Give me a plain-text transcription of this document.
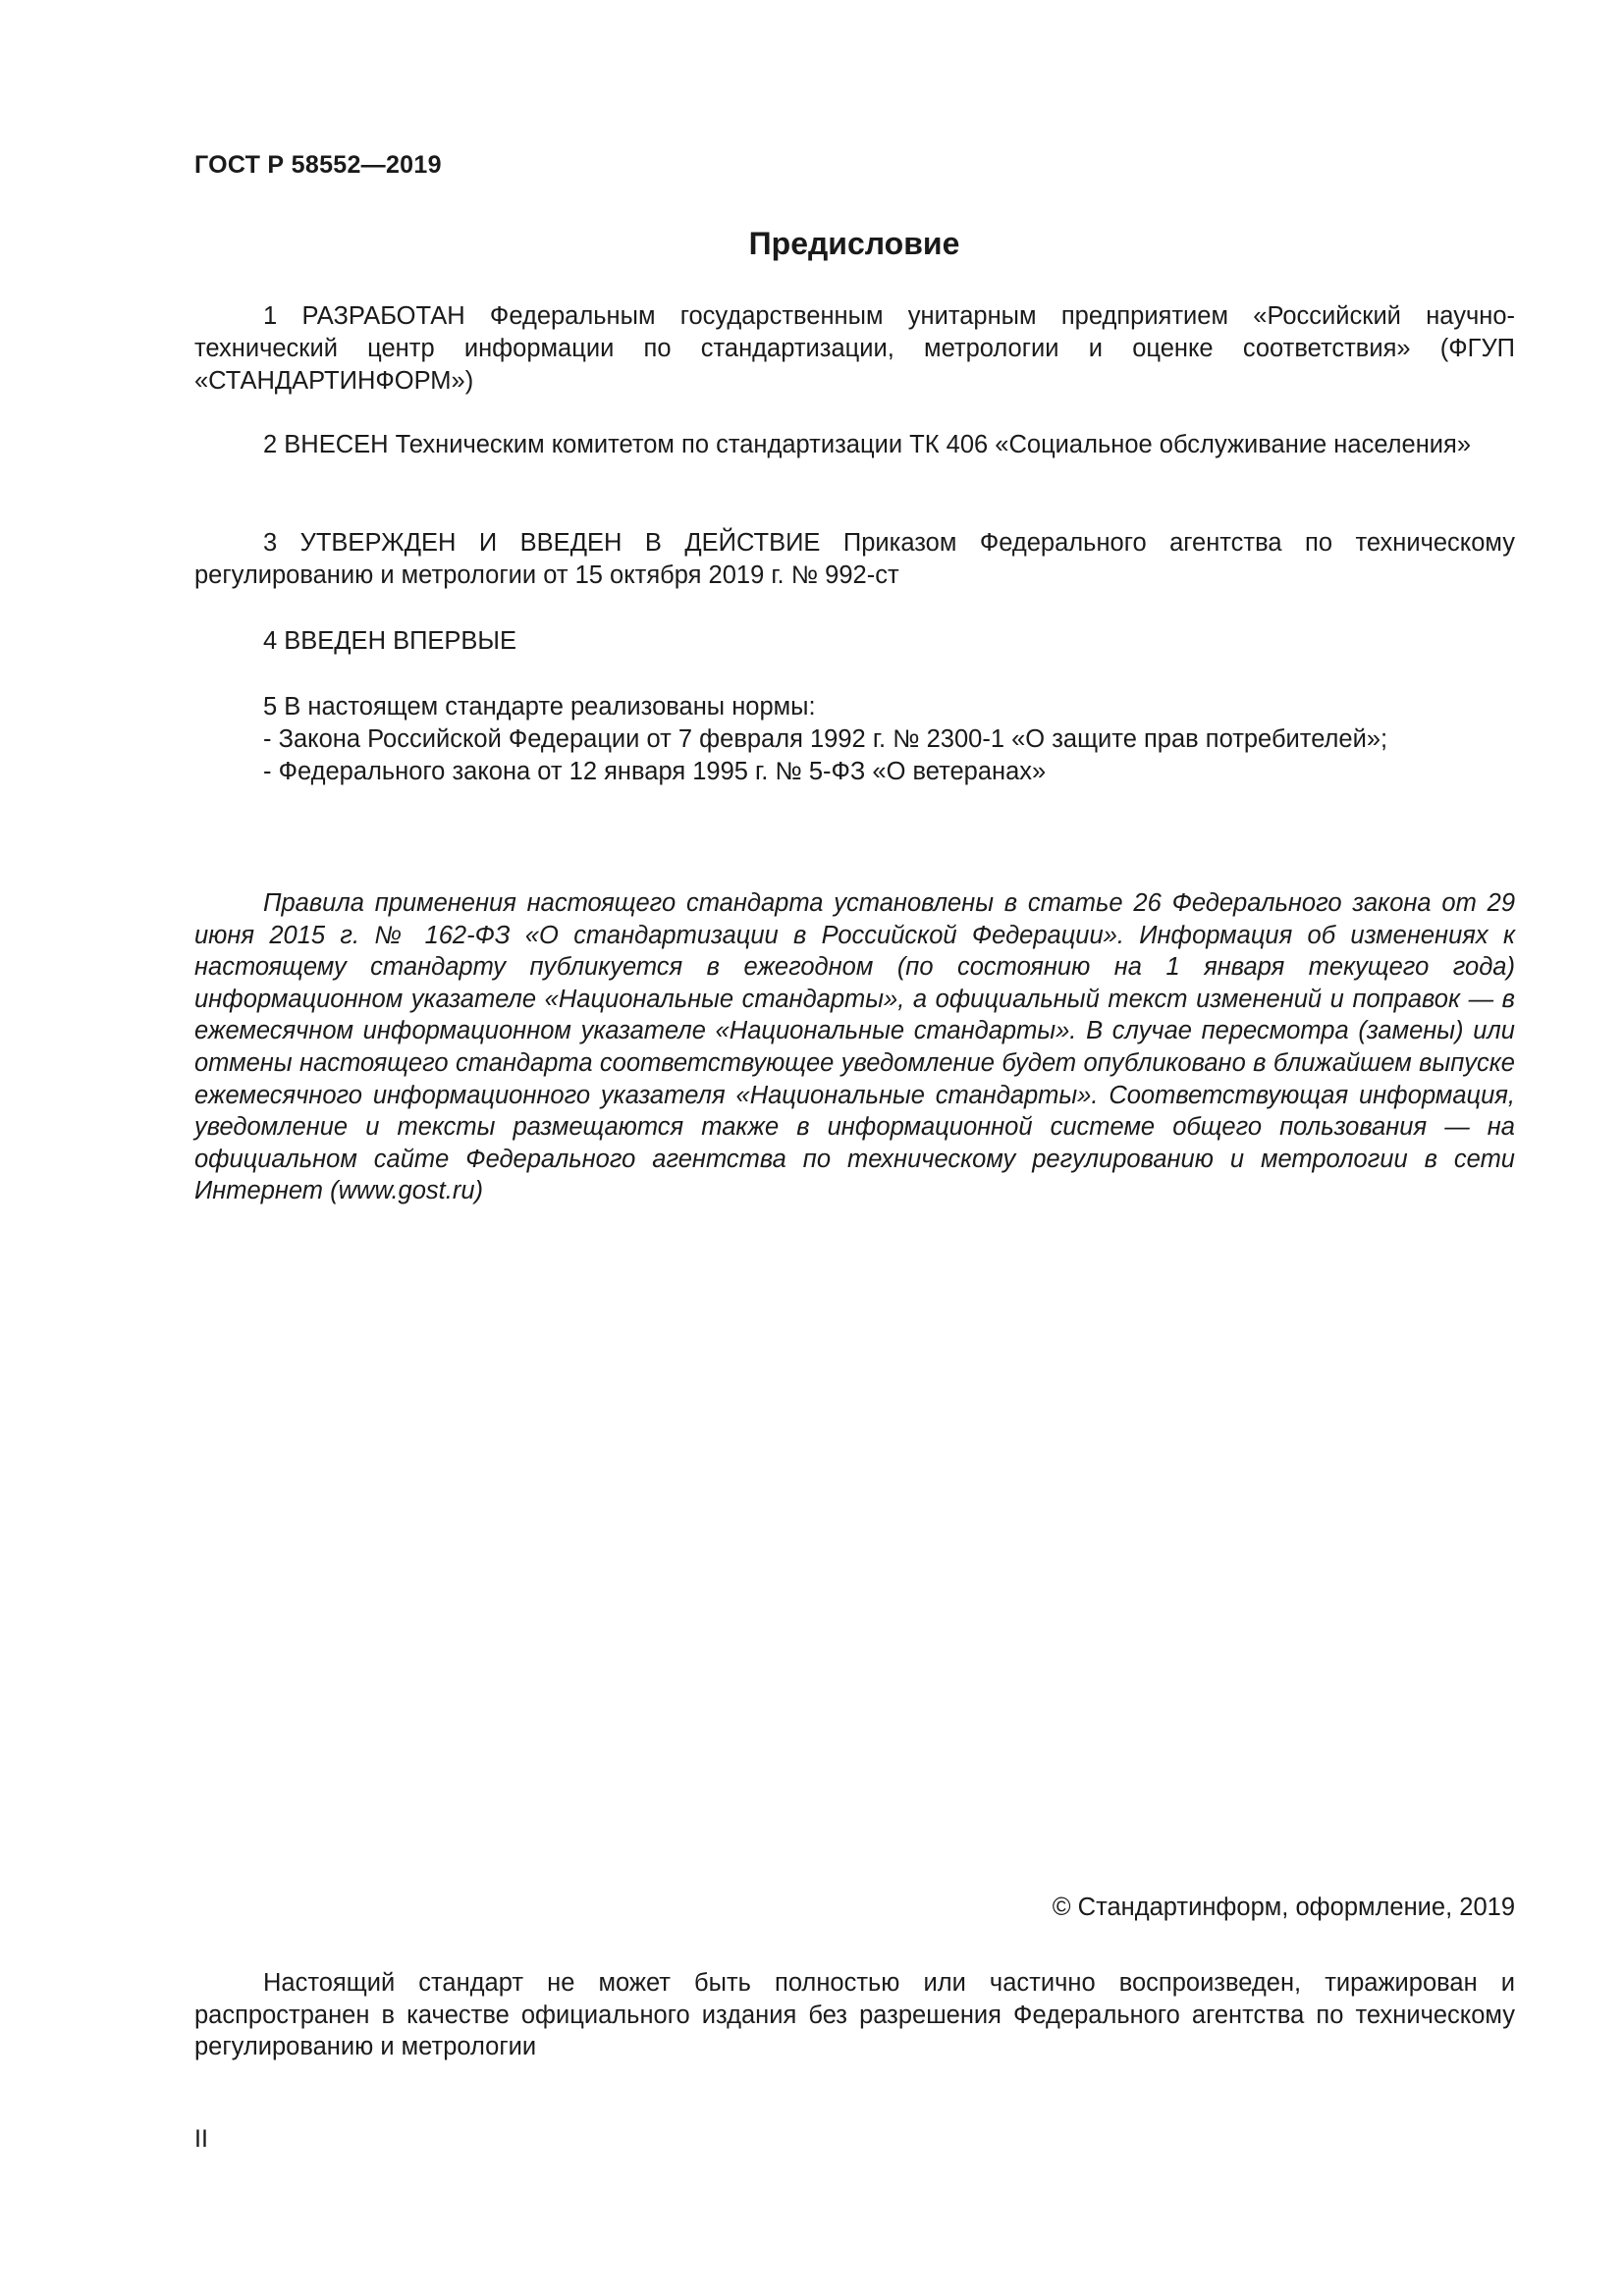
ГОСТ Р 58552—2019
Предисловие

1 РАЗРАБОТАН Федеральным государственным унитарным предприятием «Российский научно-технический центр информации по стандартизации, метрологии и оценке соответствия» (ФГУП «СТАНДАРТИНФОРМ»)

2 ВНЕСЕН Техническим комитетом по стандартизации ТК 406 «Социальное обслуживание населения»

3 УТВЕРЖДЕН И ВВЕДЕН В ДЕЙСТВИЕ Приказом Федерального агентства по техническому регулированию и метрологии от 15 октября 2019 г. № 992-ст

4 ВВЕДЕН ВПЕРВЫЕ

5 В настоящем стандарте реализованы нормы:

- Закона Российской Федерации от 7 февраля 1992 г. № 2300-1 «О защите прав потребителей»;

- Федерального закона от 12 января 1995 г. № 5-ФЗ «О ветеранах»

Правила применения настоящего стандарта установлены в статье 26 Федерального закона от 29 июня 2015 г. № 162-ФЗ «О стандартизации в Российской Федерации». Информация об изменениях к настоящему стандарту публикуется в ежегодном (по состоянию на 1 января текущего года) информационном указателе «Национальные стандарты», а официальный текст изменений и поправок — в ежемесячном информационном указателе «Национальные стандарты». В случае пересмотра (замены) или отмены настоящего стандарта соответствующее уведомление будет опубликовано в ближайшем выпуске ежемесячного информационного указателя «Национальные стандарты». Соответствующая информация, уведомление и тексты размещаются также в информационной системе общего пользования — на официальном сайте Федерального агентства по техническому регулированию и метрологии в сети Интернет (www.gost.ru)

© Стандартинформ, оформление, 2019

Настоящий стандарт не может быть полностью или частично воспроизведен, тиражирован и распространен в качестве официального издания без разрешения Федерального агентства по техническому регулированию и метрологии

II
